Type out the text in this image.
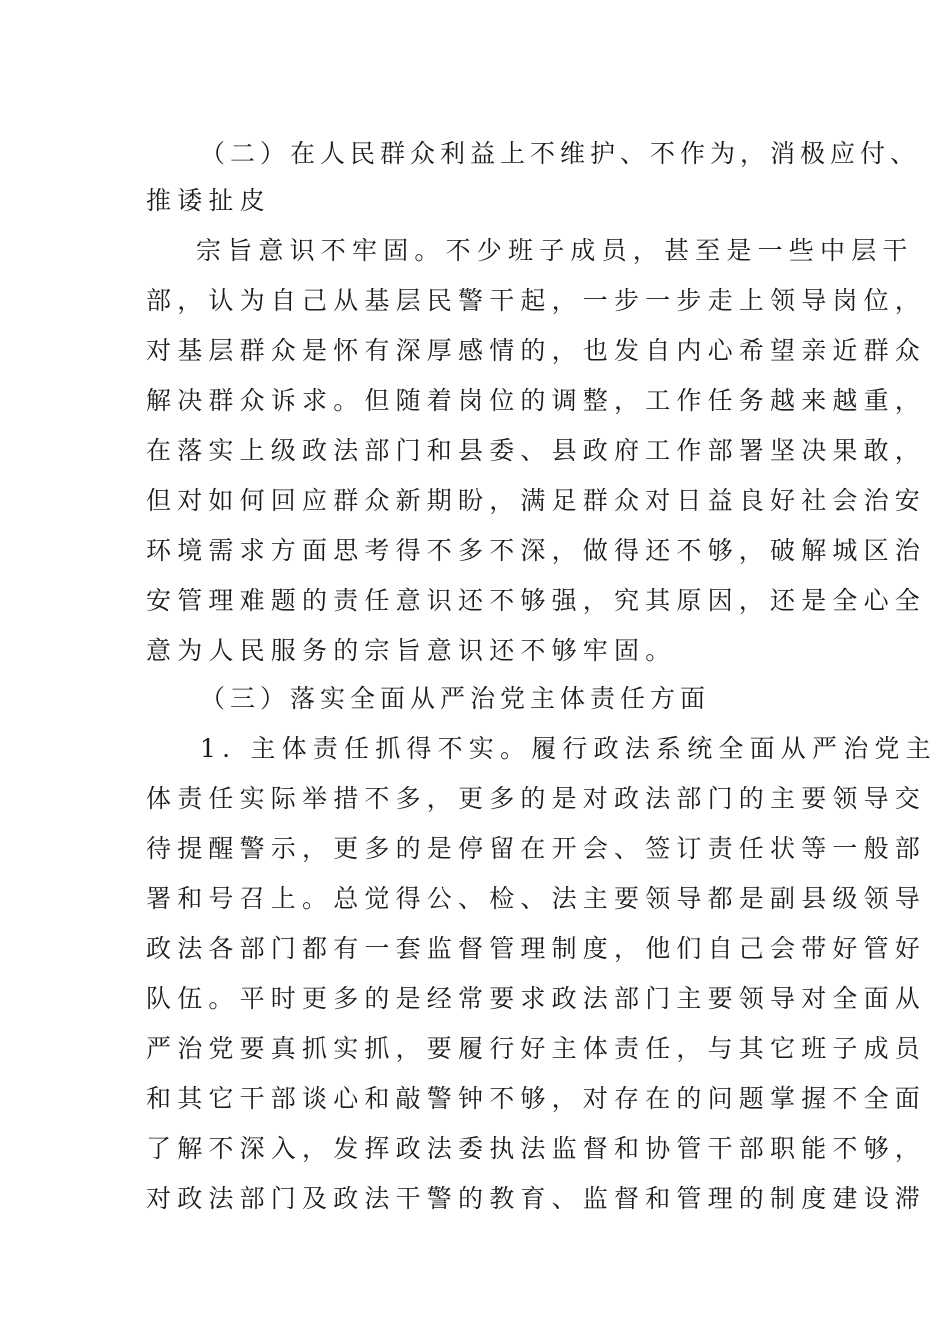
（二）在人民群众利益上不维护、不作为，消极应付、
推诿扯皮
宗旨意识不牢固。不少班子成员，甚至是一些中层干
部，认为自己从基层民警干起，一步一步走上领导岗位，
对基层群众是怀有深厚感情的，也发自内心希望亲近群众
解决群众诉求。但随着岗位的调整，工作任务越来越重，
在落实上级政法部门和县委、县政府工作部署坚决果敢，
但对如何回应群众新期盼，满足群众对日益良好社会治安
环境需求方面思考得不多不深，做得还不够，破解城区治
安管理难题的责任意识还不够强，究其原因，还是全心全
意为人民服务的宗旨意识还不够牢固。
（三）落实全面从严治党主体责任方面
1. 主体责任抓得不实。履行政法系统全面从严治党主
体责任实际举措不多，更多的是对政法部门的主要领导交
待提醒警示，更多的是停留在开会、签订责任状等一般部
署和号召上。总觉得公、检、法主要领导都是副县级领导
政法各部门都有一套监督管理制度，他们自己会带好管好
队伍。平时更多的是经常要求政法部门主要领导对全面从
严治党要真抓实抓，要履行好主体责任，与其它班子成员
和其它干部谈心和敲警钟不够，对存在的问题掌握不全面
了解不深入，发挥政法委执法监督和协管干部职能不够，
对政法部门及政法干警的教育、监督和管理的制度建设滞
